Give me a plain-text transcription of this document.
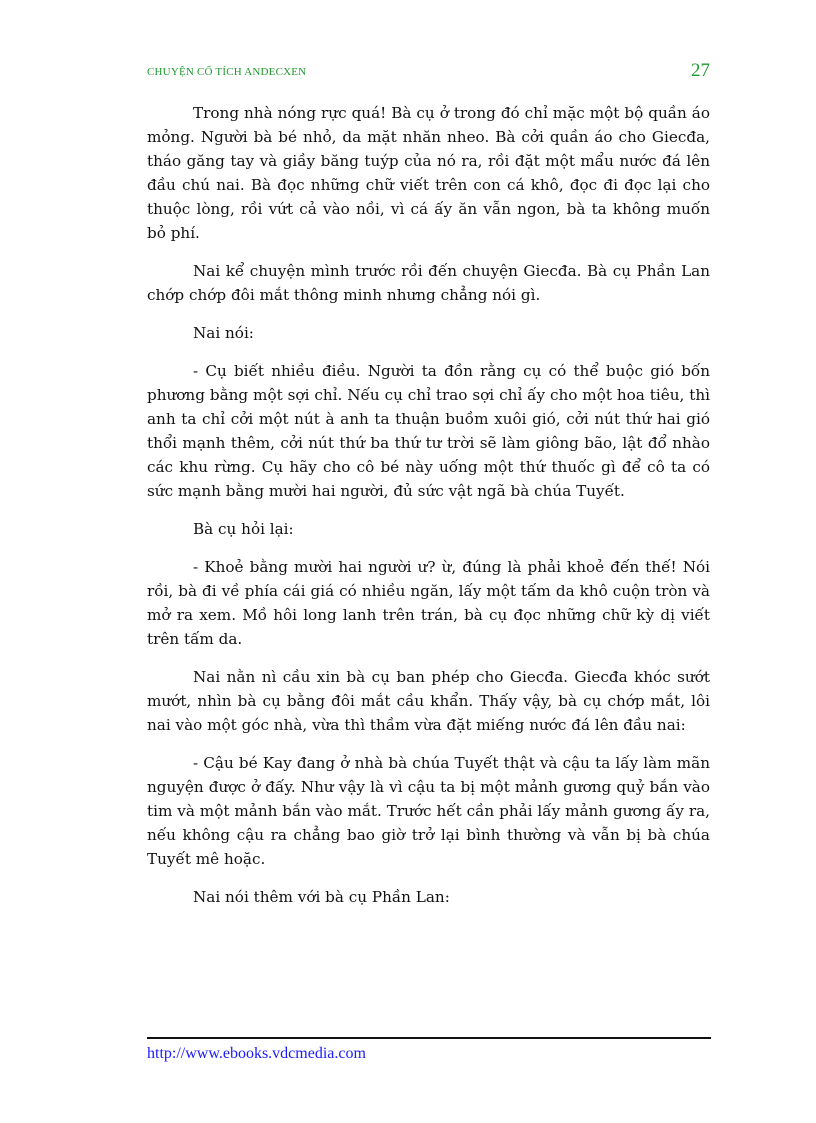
CHUYỆN CỔ TÍCH ANDECXEN	27

Trong nhà nóng rực quá! Bà cụ ở trong đó chỉ mặc một bộ quần áo mỏng. Người bà bé nhỏ, da mặt nhăn nheo. Bà cởi quần áo cho Giecđa, tháo găng tay và giầy băng tuýp của nó ra, rồi đặt một mẩu nước đá lên đầu chú nai. Bà đọc những chữ viết trên con cá khô, đọc đi đọc lại cho thuộc lòng, rồi vứt cả vào nồi, vì cá ấy ăn vẫn ngon, bà ta không muốn bỏ phí.

Nai kể chuyện mình trước rồi đến chuyện Giecđa. Bà cụ Phần Lan chớp chớp đôi mắt thông minh nhưng chẳng nói gì.

Nai nói:

- Cụ biết nhiều điều. Người ta đồn rằng cụ có thể buộc gió bốn phương bằng một sợi chỉ. Nếu cụ chỉ trao sợi chỉ ấy cho một hoa tiêu, thì anh ta chỉ cởi một nút à anh ta thuận buồm xuôi gió, cởi nút thứ hai gió thổi mạnh thêm, cởi nút thứ ba thứ tư trời sẽ làm giông bão, lật đổ nhào các khu rừng. Cụ hãy cho cô bé này uống một thứ thuốc gì để cô ta có sức mạnh bằng mười hai người, đủ sức vật ngã bà chúa Tuyết.

Bà cụ hỏi lại:

- Khoẻ bằng mười hai người ư? ừ, đúng là phải khoẻ đến thế! Nói rồi, bà đi về phía cái giá có nhiều ngăn, lấy một tấm da khô cuộn tròn và mở ra xem. Mồ hôi long lanh trên trán, bà cụ đọc những chữ kỳ dị viết trên tấm da.

Nai nằn nì cầu xin bà cụ ban phép cho Giecđa. Giecđa khóc sướt mướt, nhìn bà cụ bằng đôi mắt cầu khẩn. Thấy vậy, bà cụ chớp mắt, lôi nai vào một góc nhà, vừa thì thầm vừa đặt miếng nước đá lên đầu nai:

- Cậu bé Kay đang ở nhà bà chúa Tuyết thật và cậu ta lấy làm mãn nguyện được ở đấy. Như vậy là vì cậu ta bị một mảnh gương quỷ bắn vào tim và một mảnh bắn vào mắt. Trước hết cần phải lấy mảnh gương ấy ra, nếu không cậu ra chẳng bao giờ trở lại bình thường và vẫn bị bà chúa Tuyết mê hoặc.

Nai nói thêm với bà cụ Phần Lan:

http://www.ebooks.vdcmedia.com
